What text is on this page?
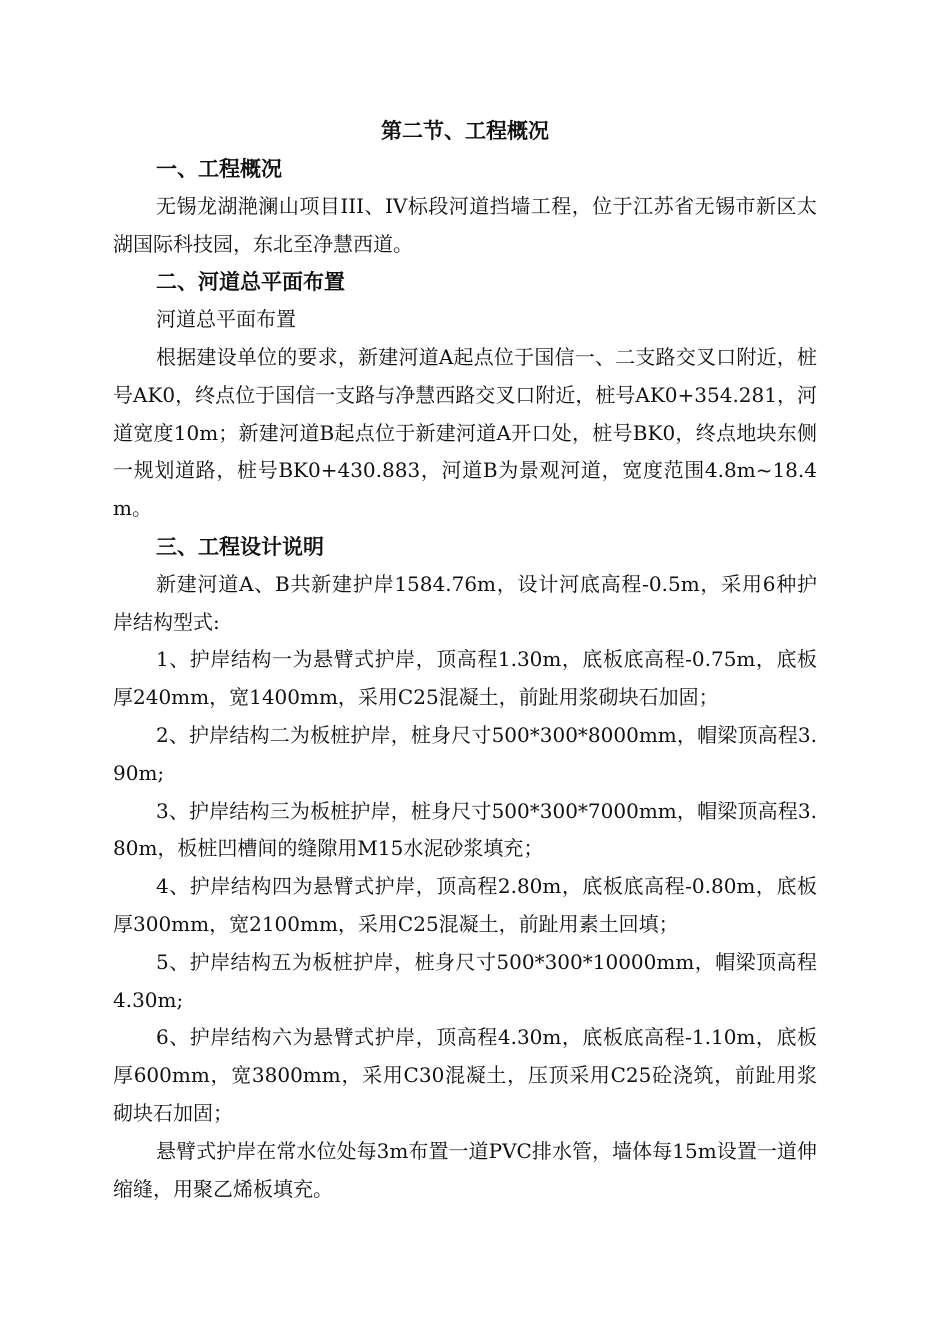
第二节、工程概况
一、工程概况

无锡龙湖滟澜山项目III、IV标段河道挡墙工程，位于江苏省无锡市新区太湖国际科技园，东北至净慧西道。

二、河道总平面布置

河道总平面布置

根据建设单位的要求，新建河道A起点位于国信一、二支路交叉口附近，桩号AK0，终点位于国信一支路与净慧西路交叉口附近，桩号AK0+354.281，河道宽度10m；新建河道B起点位于新建河道A开口处，桩号BK0，终点地块东侧一规划道路，桩号BK0+430.883，河道B为景观河道，宽度范围4.8m~18.4m。

三、工程设计说明

新建河道A、B共新建护岸1584.76m，设计河底高程-0.5m，采用6种护岸结构型式:

1、护岸结构一为悬臂式护岸，顶高程1.30m，底板底高程-0.75m，底板厚240mm，宽1400mm，采用C25混凝土，前趾用浆砌块石加固；

2、护岸结构二为板桩护岸，桩身尺寸500*300*8000mm，帽梁顶高程3.90m;

3、护岸结构三为板桩护岸，桩身尺寸500*300*7000mm，帽梁顶高程3.80m，板桩凹槽间的缝隙用M15水泥砂浆填充；

4、护岸结构四为悬臂式护岸，顶高程2.80m，底板底高程-0.80m，底板厚300mm，宽2100mm，采用C25混凝土，前趾用素土回填；

5、护岸结构五为板桩护岸，桩身尺寸500*300*10000mm，帽梁顶高程4.30m;

6、护岸结构六为悬臂式护岸，顶高程4.30m，底板底高程-1.10m，底板厚600mm，宽3800mm，采用C30混凝土，压顶采用C25砼浇筑，前趾用浆砌块石加固；

悬臂式护岸在常水位处每3m布置一道PVC排水管，墙体每15m设置一道伸缩缝，用聚乙烯板填充。
